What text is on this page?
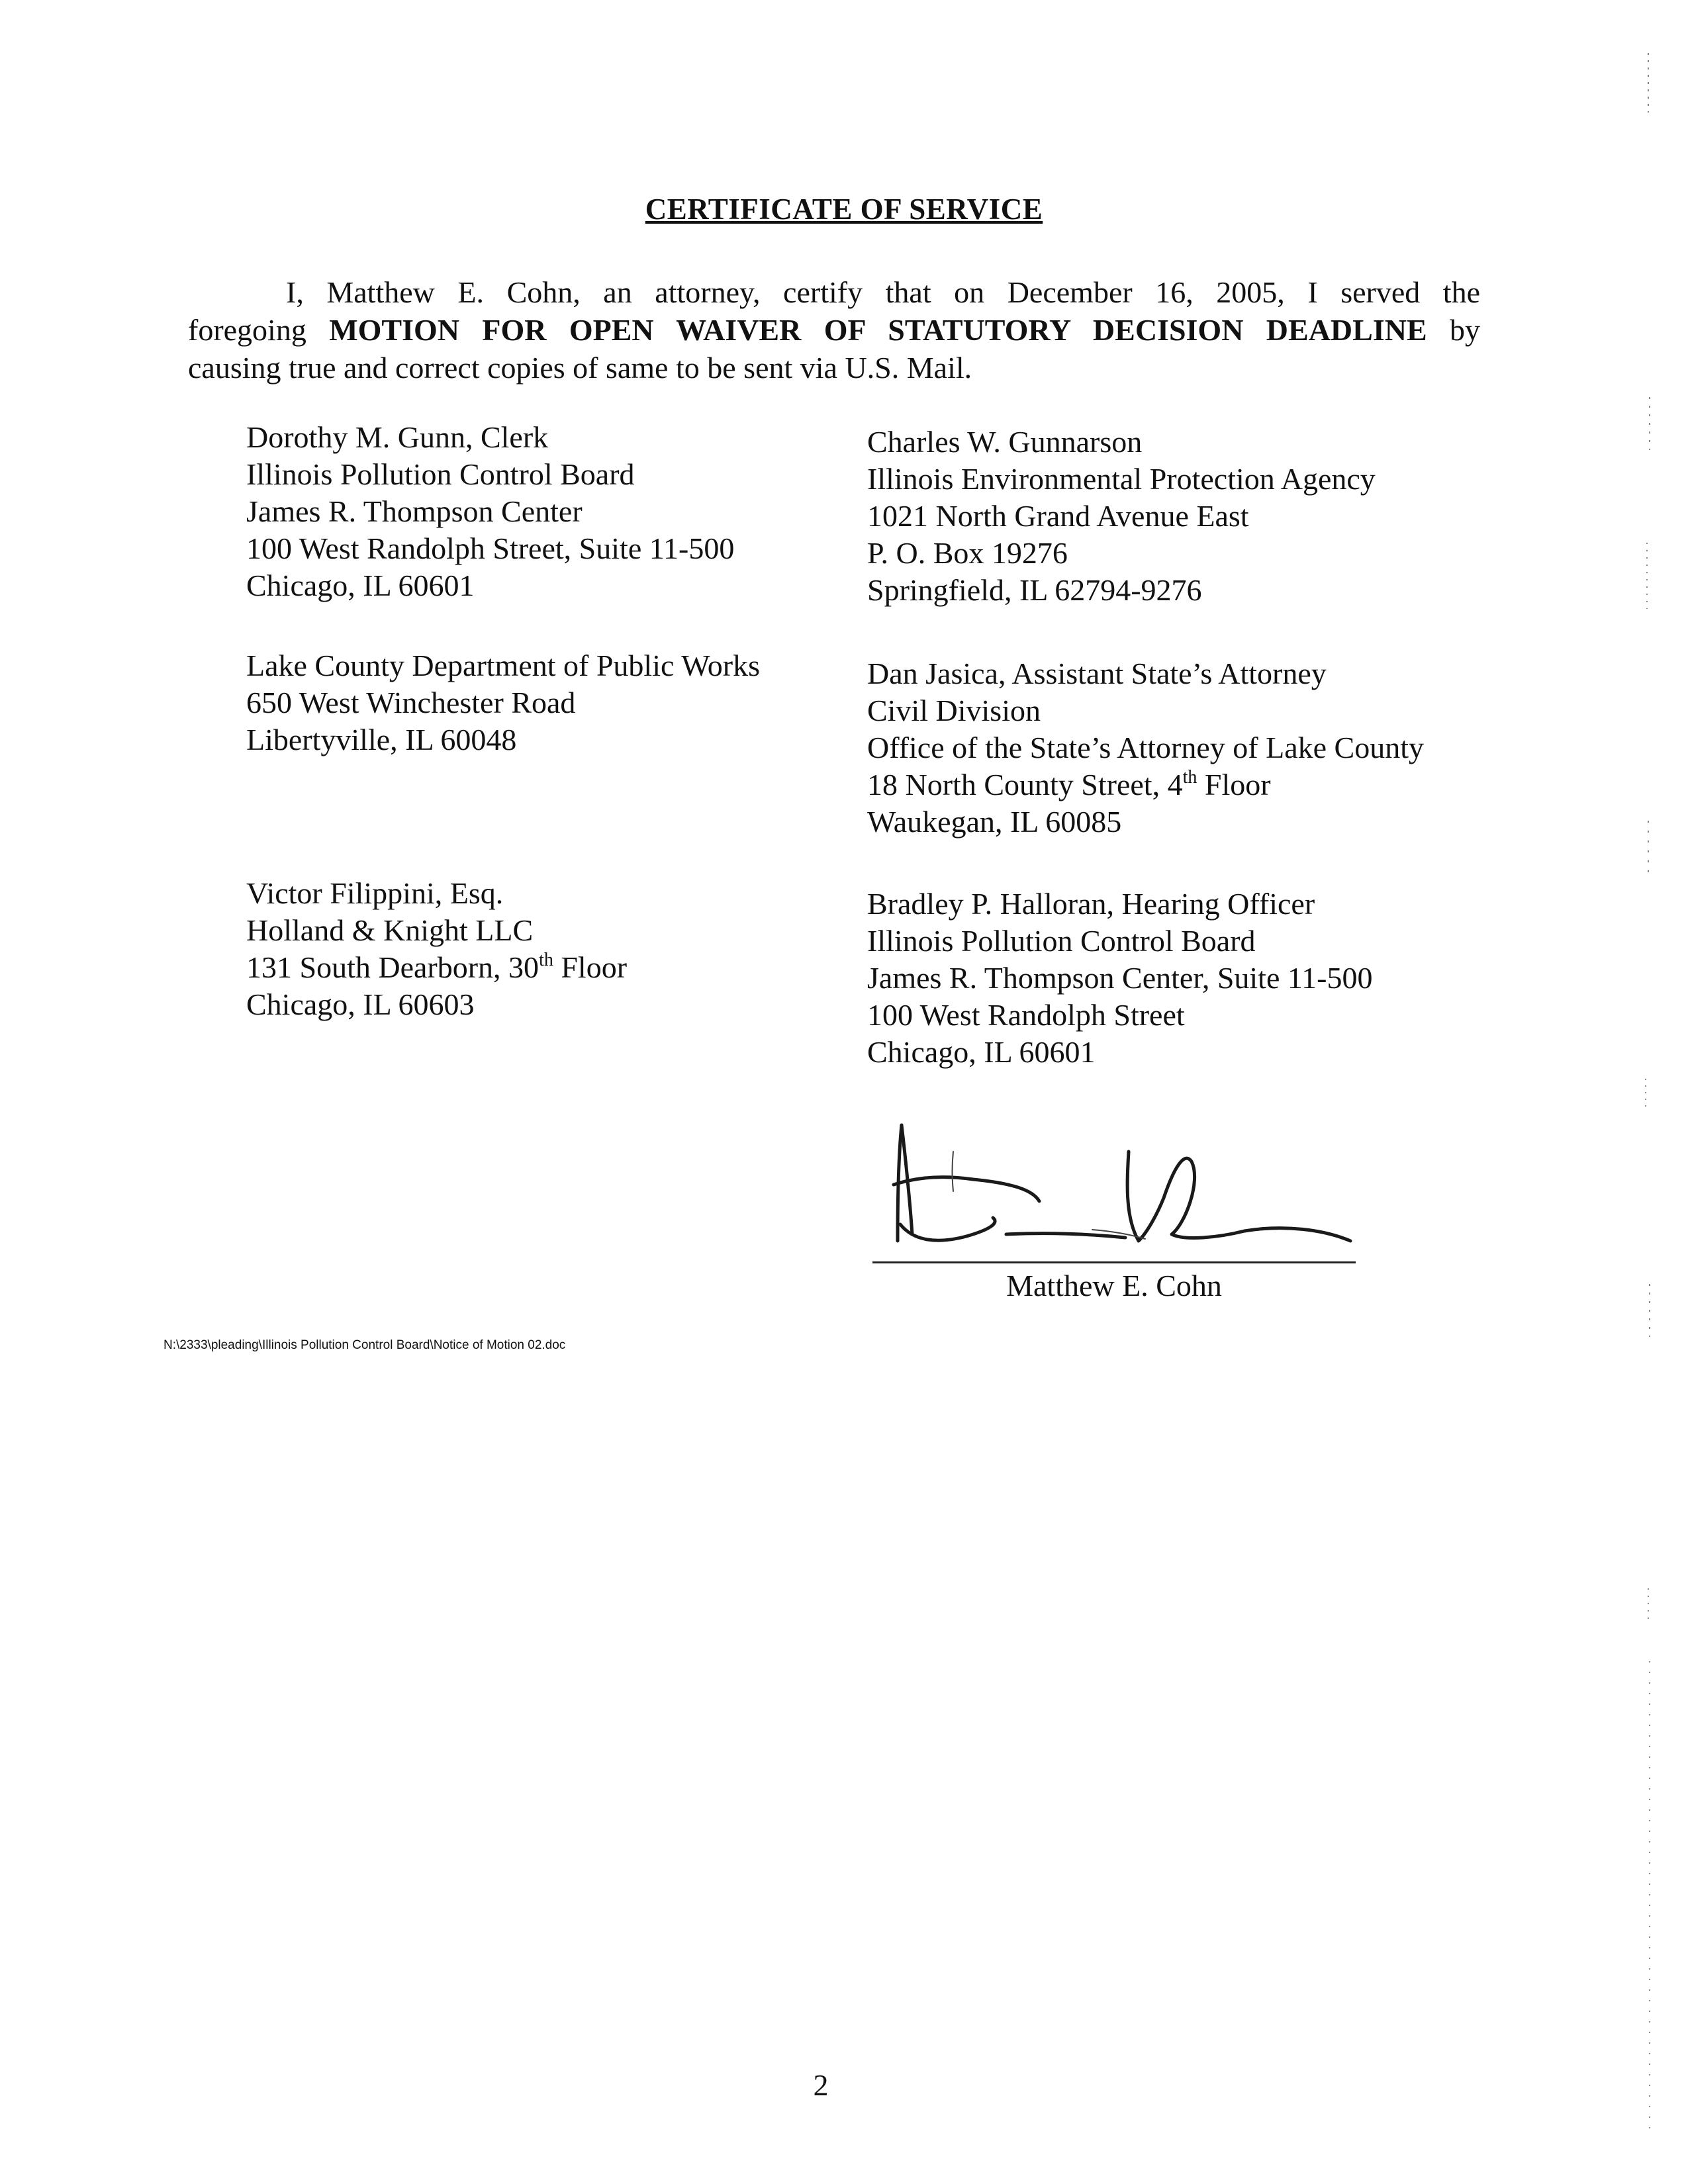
CERTIFICATE OF SERVICE
I, Matthew E. Cohn, an attorney, certify that on December 16, 2005, I served the
foregoing MOTION FOR OPEN WAIVER OF STATUTORY DECISION DEADLINE by
causing true and correct copies of same to be sent via U.S. Mail.
Dorothy M. Gunn, Clerk
Illinois Pollution Control Board
James R. Thompson Center
100 West Randolph Street, Suite 11-500
Chicago, IL 60601
Lake County Department of Public Works
650 West Winchester Road
Libertyville, IL 60048
Victor Filippini, Esq.
Holland & Knight LLC
131 South Dearborn, 30th Floor
Chicago, IL 60603
Charles W. Gunnarson
Illinois Environmental Protection Agency
1021 North Grand Avenue East
P. O. Box 19276
Springfield, IL 62794-9276
Dan Jasica, Assistant State’s Attorney
Civil Division
Office of the State’s Attorney of Lake County
18 North County Street, 4th Floor
Waukegan, IL 60085
Bradley P. Halloran, Hearing Officer
Illinois Pollution Control Board
James R. Thompson Center, Suite 11-500
100 West Randolph Street
Chicago, IL 60601
Matthew E. Cohn
N:\2333\pleading\Illinois Pollution Control Board\Notice of Motion 02.doc
2
